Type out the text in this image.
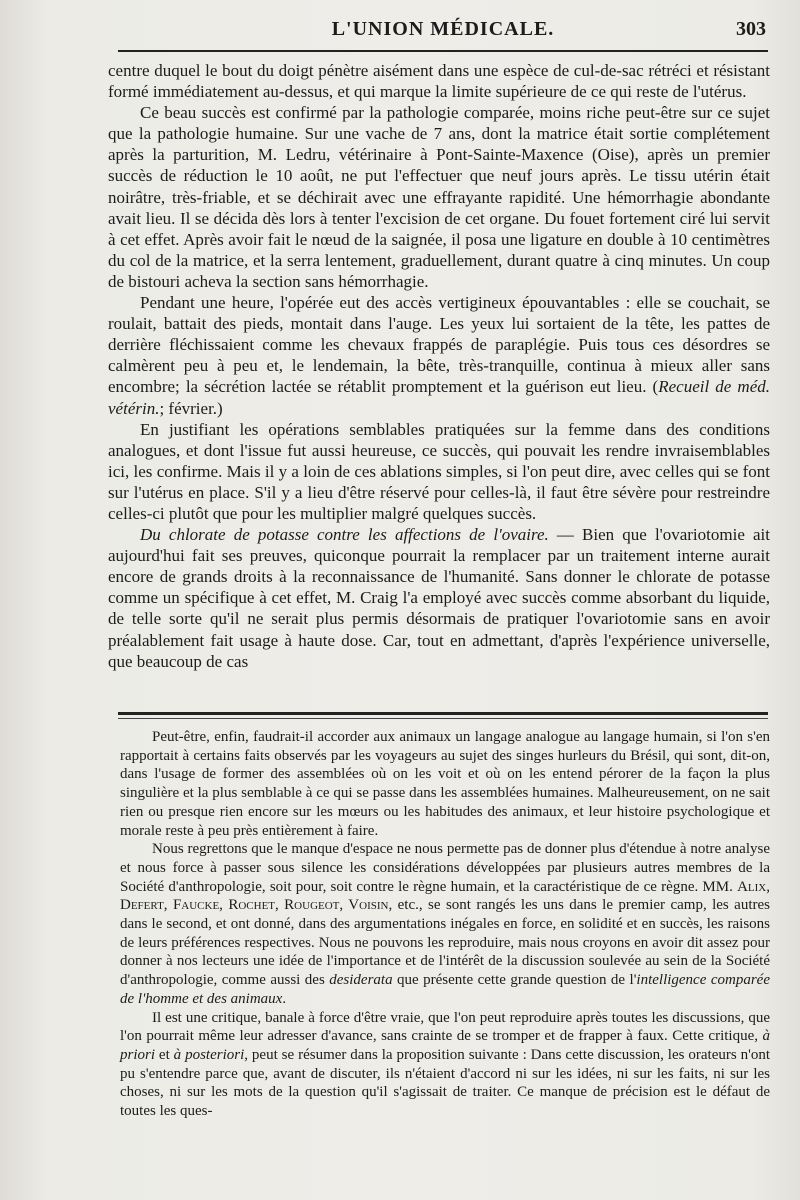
L'UNION MÉDICALE.	303

centre duquel le bout du doigt pénètre aisément dans une espèce de cul-de-sac rétréci et résistant formé immédiatement au-dessus, et qui marque la limite supérieure de ce qui reste de l'utérus.

Ce beau succès est confirmé par la pathologie comparée, moins riche peut-être sur ce sujet que la pathologie humaine. Sur une vache de 7 ans, dont la matrice était sortie complétement après la parturition, M. Ledru, vétérinaire à Pont-Sainte-Maxence (Oise), après un premier succès de réduction le 10 août, ne put l'effectuer que neuf jours après. Le tissu utérin était noirâtre, très-friable, et se déchirait avec une effrayante rapidité. Une hémorrhagie abondante avait lieu. Il se décida dès lors à tenter l'excision de cet organe. Du fouet fortement ciré lui servit à cet effet. Après avoir fait le nœud de la saignée, il posa une ligature en double à 10 centimètres du col de la matrice, et la serra lentement, graduellement, durant quatre à cinq minutes. Un coup de bistouri acheva la section sans hémorrhagie.

Pendant une heure, l'opérée eut des accès vertigineux épouvantables : elle se couchait, se roulait, battait des pieds, montait dans l'auge. Les yeux lui sortaient de la tête, les pattes de derrière fléchissaient comme les chevaux frappés de paraplégie. Puis tous ces désordres se calmèrent peu à peu et, le lendemain, la bête, très-tranquille, continua à mieux aller sans encombre; la sécrétion lactée se rétablit promptement et la guérison eut lieu. (Recueil de méd. vétérin.; février.)

En justifiant les opérations semblables pratiquées sur la femme dans des conditions analogues, et dont l'issue fut aussi heureuse, ce succès, qui pouvait les rendre invraisemblables ici, les confirme. Mais il y a loin de ces ablations simples, si l'on peut dire, avec celles qui se font sur l'utérus en place. S'il y a lieu d'être réservé pour celles-là, il faut être sévère pour restreindre celles-ci plutôt que pour les multiplier malgré quelques succès.

Du chlorate de potasse contre les affections de l'ovaire. — Bien que l'ovariotomie ait aujourd'hui fait ses preuves, quiconque pourrait la remplacer par un traitement interne aurait encore de grands droits à la reconnaissance de l'humanité. Sans donner le chlorate de potasse comme un spécifique à cet effet, M. Craig l'a employé avec succès comme absorbant du liquide, de telle sorte qu'il ne serait plus permis désormais de pratiquer l'ovariotomie sans en avoir préalablement fait usage à haute dose. Car, tout en admettant, d'après l'expérience universelle, que beaucoup de cas

Peut-être, enfin, faudrait-il accorder aux animaux un langage analogue au langage humain, si l'on s'en rapportait à certains faits observés par les voyageurs au sujet des singes hurleurs du Brésil, qui sont, dit-on, dans l'usage de former des assemblées où on les voit et où on les entend pérorer de la façon la plus singulière et la plus semblable à ce qui se passe dans les assemblées humaines. Malheureusement, on ne sait rien ou presque rien encore sur les mœurs ou les habitudes des animaux, et leur histoire psychologique et morale reste à peu près entièrement à faire.

Nous regrettons que le manque d'espace ne nous permette pas de donner plus d'étendue à notre analyse et nous force à passer sous silence les considérations développées par plusieurs autres membres de la Société d'anthropologie, soit pour, soit contre le règne humain, et la caractéristique de ce règne. MM. Alix, Defert, Faucke, Rochet, Rougeot, Voisin, etc., se sont rangés les uns dans le premier camp, les autres dans le second, et ont donné, dans des argumentations inégales en force, en solidité et en succès, les raisons de leurs préférences respectives. Nous ne pouvons les reproduire, mais nous croyons en avoir dit assez pour donner à nos lecteurs une idée de l'importance et de l'intérêt de la discussion soulevée au sein de la Société d'anthropologie, comme aussi des desiderata que présente cette grande question de l'intelligence comparée de l'homme et des animaux.

Il est une critique, banale à force d'être vraie, que l'on peut reproduire après toutes les discussions, que l'on pourrait même leur adresser d'avance, sans crainte de se tromper et de frapper à faux. Cette critique, à priori et à posteriori, peut se résumer dans la proposition suivante : Dans cette discussion, les orateurs n'ont pu s'entendre parce que, avant de discuter, ils n'étaient d'accord ni sur les idées, ni sur les faits, ni sur les choses, ni sur les mots de la question qu'il s'agissait de traiter. Ce manque de précision est le défaut de toutes les ques-
